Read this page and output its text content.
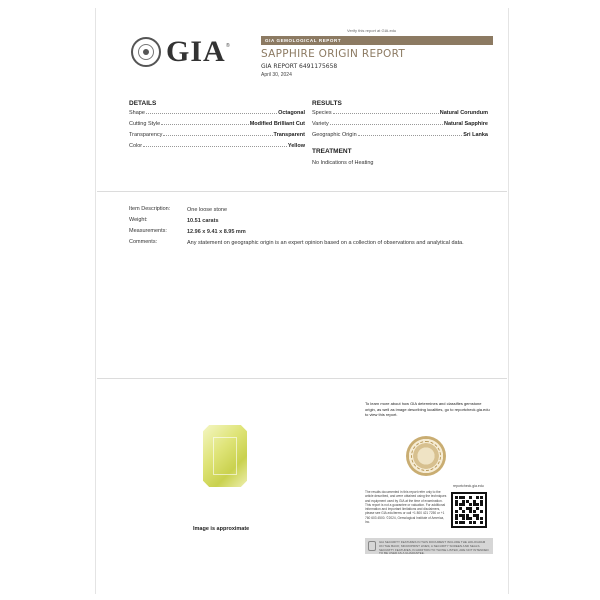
Verify this report at GIA.edu
GIA ®
GIA GEMOLOGICAL REPORT
SAPPHIRE ORIGIN REPORT
GIA REPORT 6491175658
April 30, 2024
DETAILS
Shape	Octagonal
Cutting Style	Modified Brilliant Cut
Transparency	Transparent
Color	Yellow
RESULTS
Species	Natural Corundum
Variety	Natural Sapphire
Geographic Origin	Sri Lanka
TREATMENT
No Indications of Heating
Item Description:	One loose stone
Weight:	10.51 carats
Measurements:	12.96 x 9.41 x 8.95 mm
Comments:	Any statement on geographic origin is an expert opinion based on a collection of observations and analytical data.
Image is approximate
To learn more about how GIA determines and classifies gemstone origin, as well as image describing localities, go to reportcheck.gia.edu to view this report.
The results documented in this report refer only to the article described, and were obtained using the techniques and equipment used by GIA at the time of examination. This report is not a guarantee or valuation. For additional information and important limitations and disclaimers, please see GIA.edu/terms or call +1 800 421 7250 or +1 760 603 4500. ©2024, Gemological Institute of America, Inc.
reportcheck.gia.edu
GIA SECURITY FEATURES IN THIS DOCUMENT INCLUDE THE HOLOGRAM ON THE BACK; MICROPRINT LINES; A SECURITY SCREEN AND SEALS. SECURITY FEATURES, IN ADDITION TO THOSE LISTED, ARE NOT INTENDED TO BE USED AS A GUARANTEE.
